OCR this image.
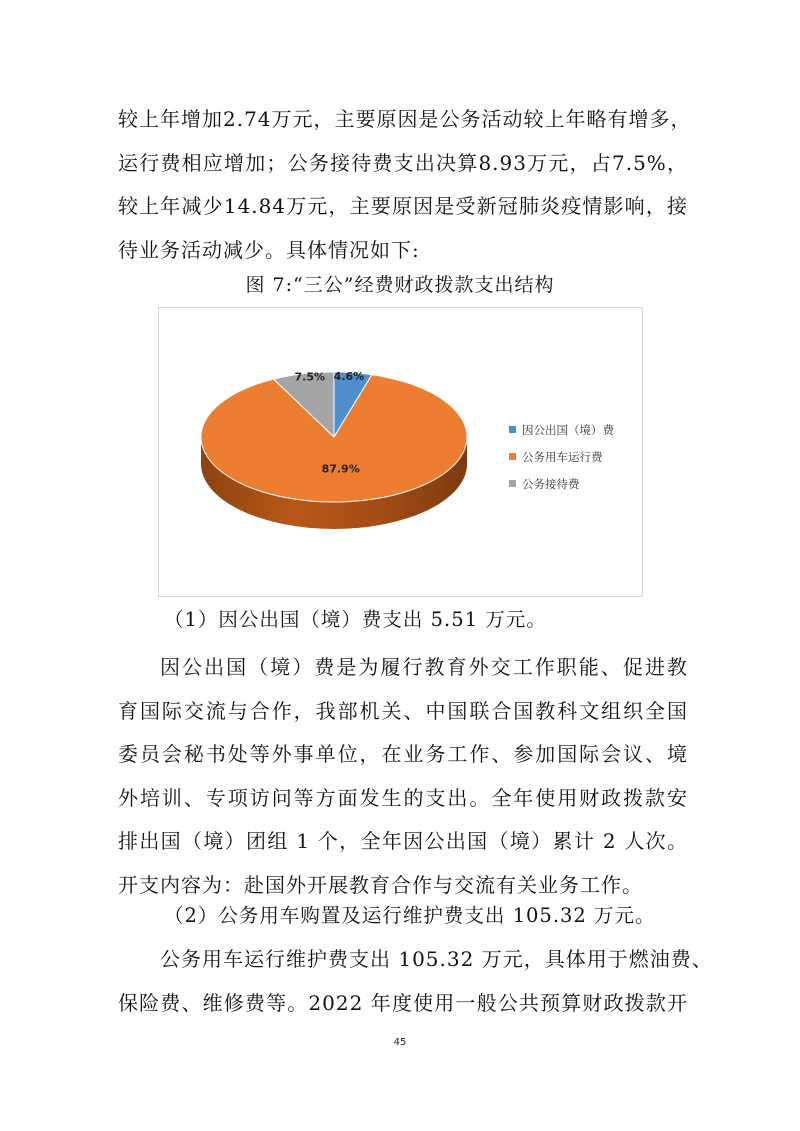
较上年增加2.74万元，主要原因是公务活动较上年略有增多，
运行费相应增加；公务接待费支出决算8.93万元，占7.5%，
较上年减少14.84万元，主要原因是受新冠肺炎疫情影响，接
待业务活动减少。具体情况如下:
图 7:“三公”经费财政拨款支出结构
4.6%
87.9%
7.5%
因公出国（境）费
公务用车运行费
公务接待费
（1）因公出国（境）费支出 5.51 万元。
因公出国（境）费是为履行教育外交工作职能、促进教
育国际交流与合作，我部机关、中国联合国教科文组织全国
委员会秘书处等外事单位，在业务工作、参加国际会议、境
外培训、专项访问等方面发生的支出。全年使用财政拨款安
排出国（境）团组 1 个，全年因公出国（境）累计 2 人次。
开支内容为：赴国外开展教育合作与交流有关业务工作。
（2）公务用车购置及运行维护费支出 105.32 万元。
公务用车运行维护费支出 105.32 万元，具体用于燃油费、
保险费、维修费等。2022 年度使用一般公共预算财政拨款开
45
